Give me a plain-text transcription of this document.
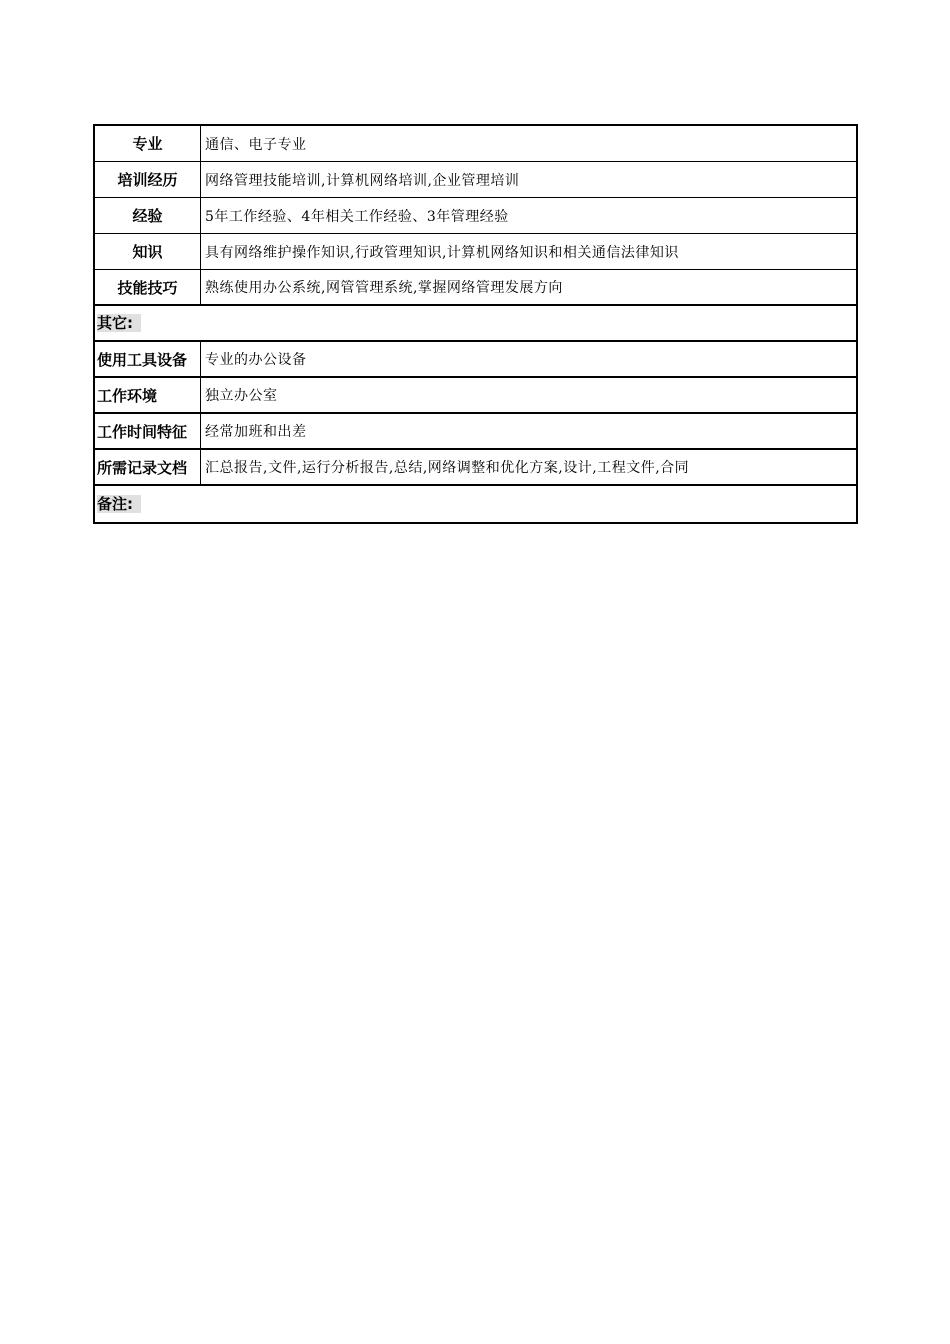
专业	通信、电子专业
培训经历	网络管理技能培训,计算机网络培训,企业管理培训
经验	5年工作经验、4年相关工作经验、3年管理经验
知识	具有网络维护操作知识,行政管理知识,计算机网络知识和相关通信法律知识
技能技巧	熟练使用办公系统,网管管理系统,掌握网络管理发展方向
其它:
使用工具设备	专业的办公设备
工作环境	独立办公室
工作时间特征	经常加班和出差
所需记录文档	汇总报告,文件,运行分析报告,总结,网络调整和优化方案,设计,工程文件,合同
备注:
